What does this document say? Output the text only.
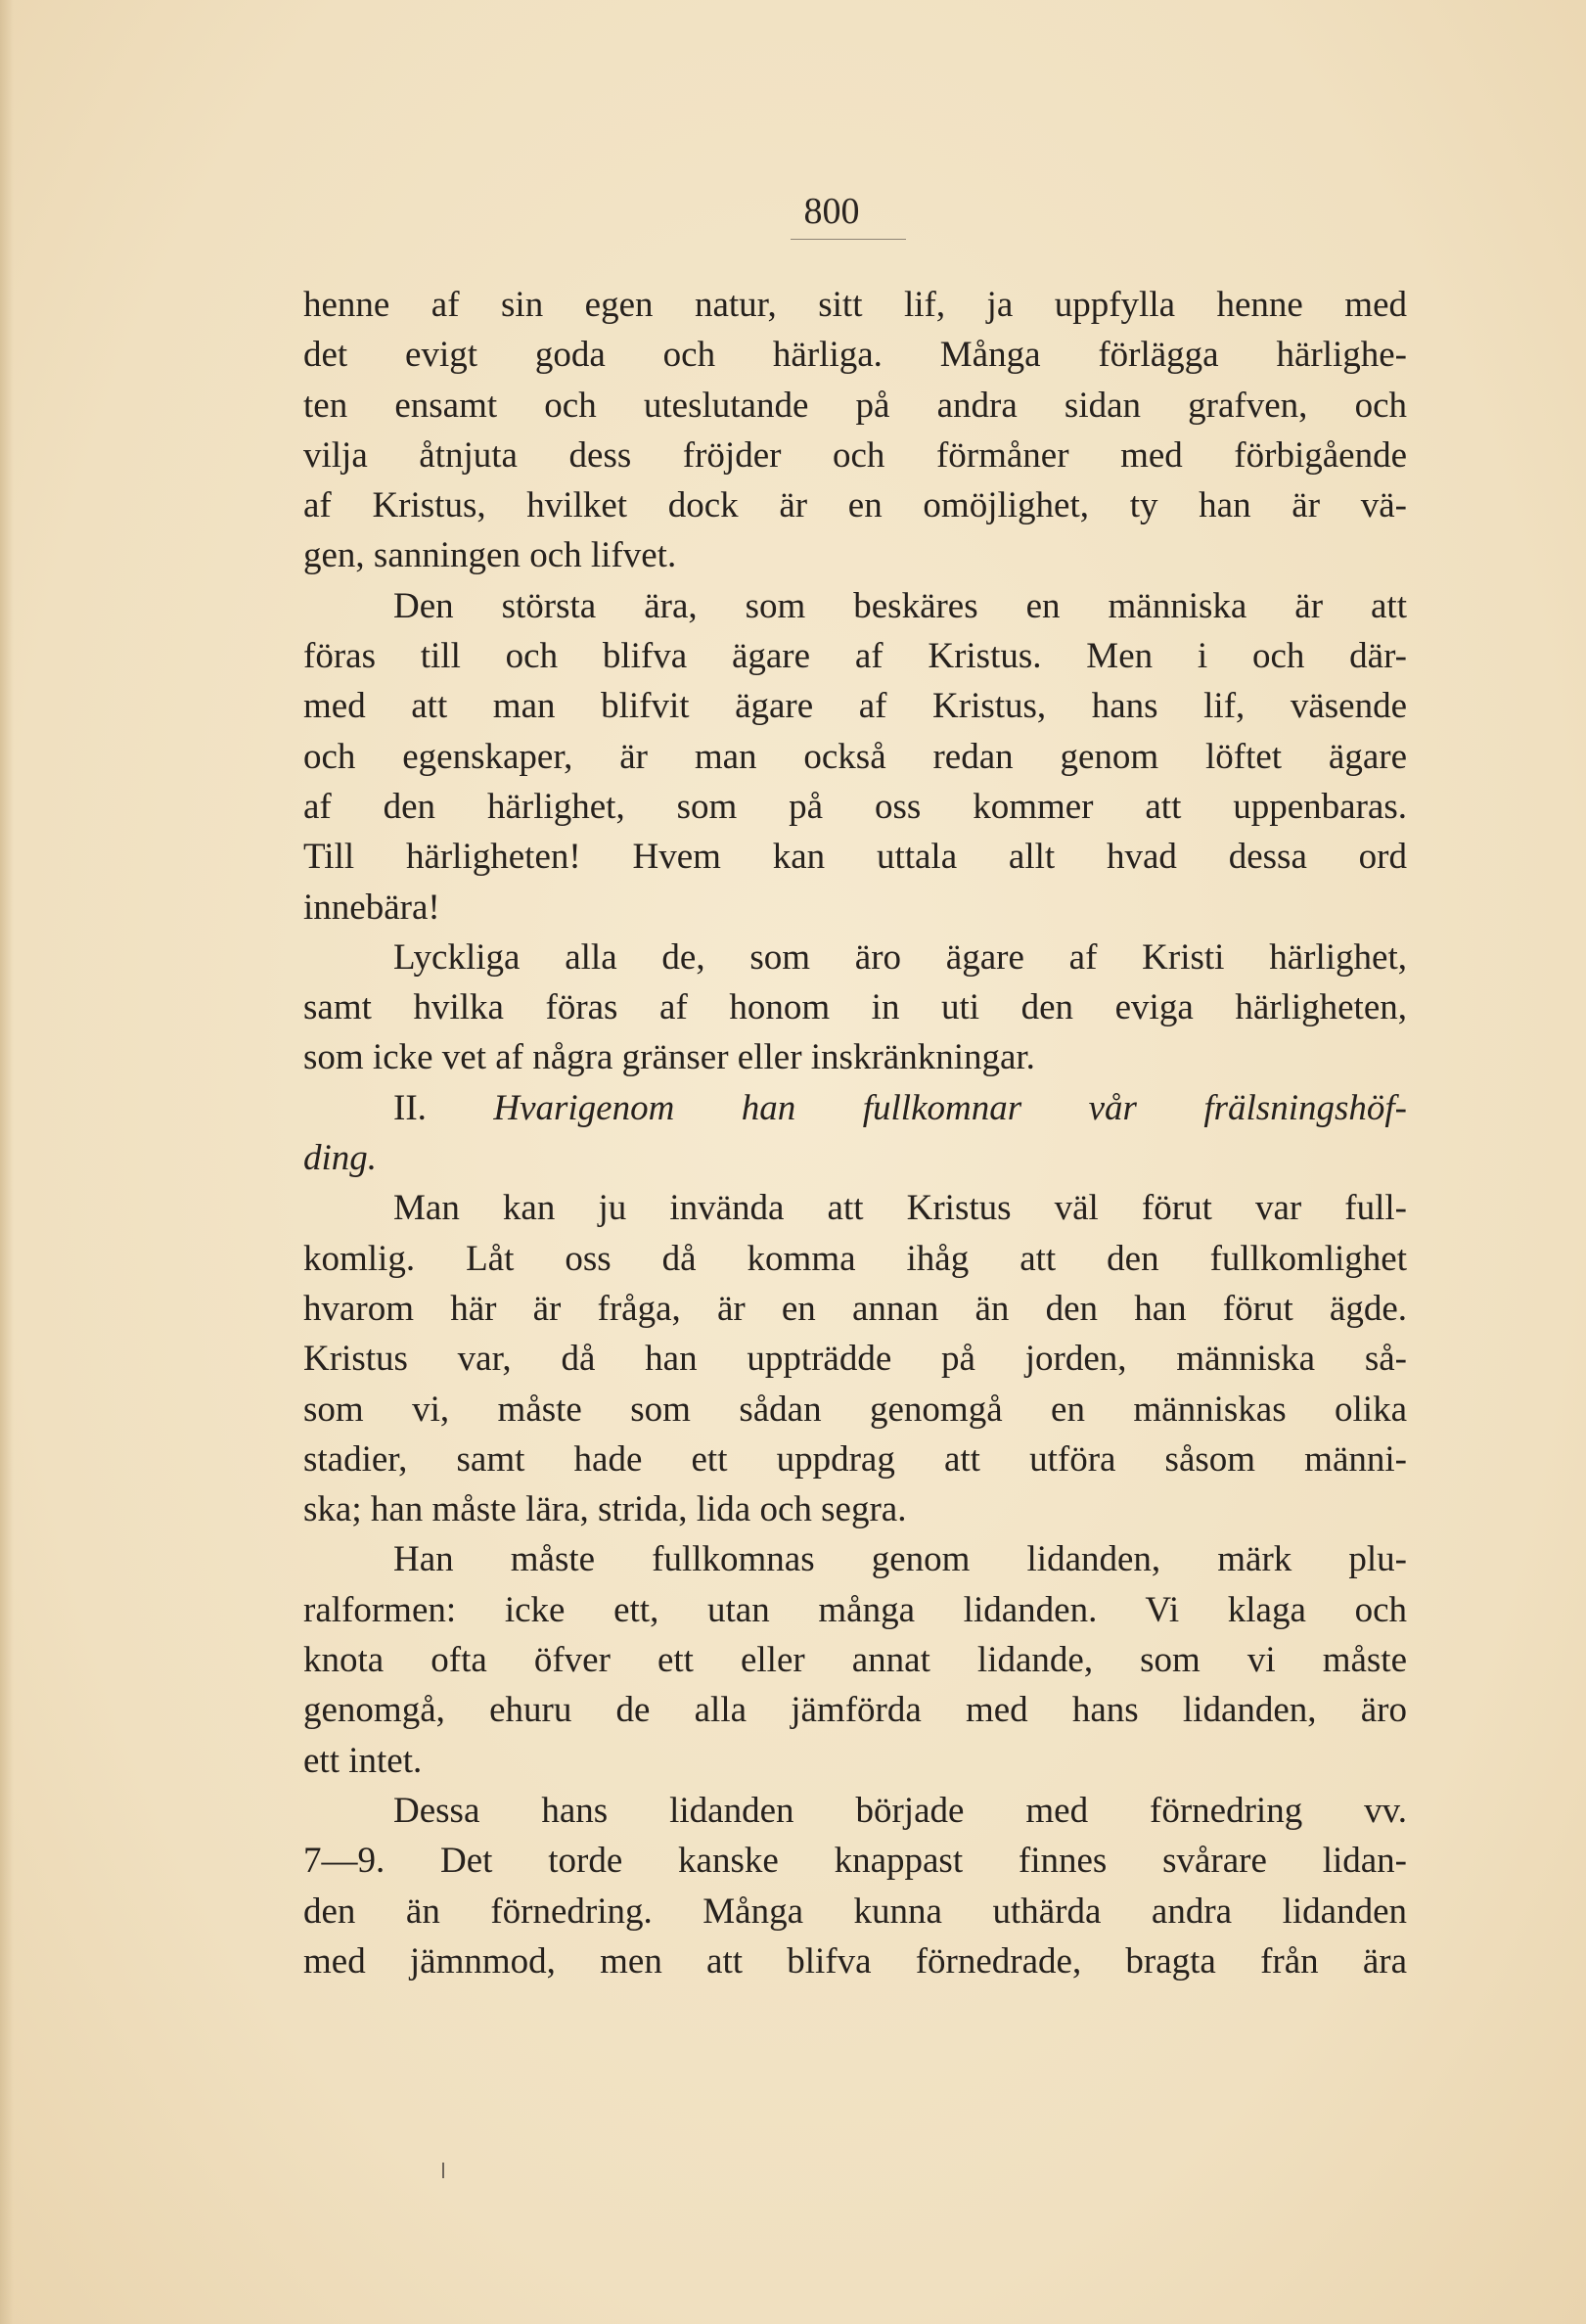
800
henne af sin egen natur, sitt lif, ja uppfylla henne med
det evigt goda och härliga. Många förlägga härlighe-
ten ensamt och uteslutande på andra sidan grafven, och
vilja åtnjuta dess fröjder och förmåner med förbigående
af Kristus, hvilket dock är en omöjlighet, ty han är vä-
gen, sanningen och lifvet.
Den största ära, som beskäres en människa är att
föras till och blifva ägare af Kristus. Men i och där-
med att man blifvit ägare af Kristus, hans lif, väsende
och egenskaper, är man också redan genom löftet ägare
af den härlighet, som på oss kommer att uppenbaras.
Till härligheten! Hvem kan uttala allt hvad dessa ord
innebära!
Lyckliga alla de, som äro ägare af Kristi härlighet,
samt hvilka föras af honom in uti den eviga härligheten,
som icke vet af några gränser eller inskränkningar.
II. Hvarigenom han fullkomnar vår frälsningshöf-
ding.
Man kan ju invända att Kristus väl förut var full-
komlig. Låt oss då komma ihåg att den fullkomlighet
hvarom här är fråga, är en annan än den han förut ägde.
Kristus var, då han uppträdde på jorden, människa så-
som vi, måste som sådan genomgå en människas olika
stadier, samt hade ett uppdrag att utföra såsom männi-
ska; han måste lära, strida, lida och segra.
Han måste fullkomnas genom lidanden, märk plu-
ralformen: icke ett, utan många lidanden. Vi klaga och
knota ofta öfver ett eller annat lidande, som vi måste
genomgå, ehuru de alla jämförda med hans lidanden, äro
ett intet.
Dessa hans lidanden började med förnedring vv.
7—9. Det torde kanske knappast finnes svårare lidan-
den än förnedring. Många kunna uthärda andra lidanden
med jämnmod, men att blifva förnedrade, bragta från ära
